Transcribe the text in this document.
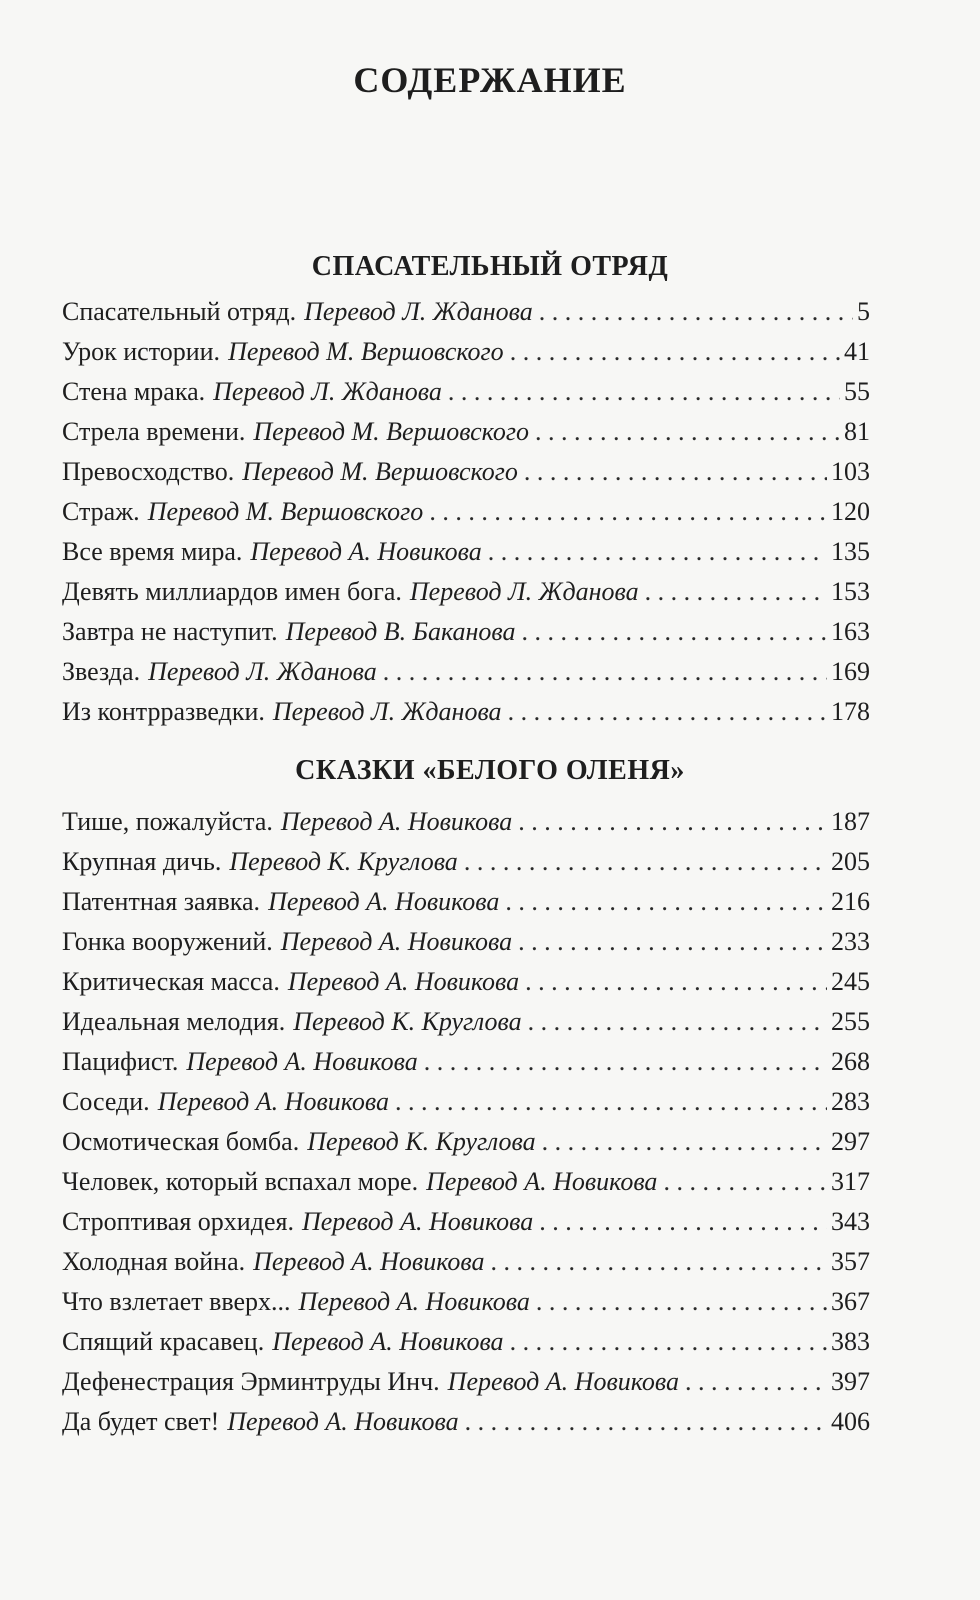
СОДЕРЖАНИЕ
СПАСАТЕЛЬНЫЙ ОТРЯД
Спасательный отряд. Перевод Л. Жданова . . .	5
Урок истории. Перевод М. Вершовского . . .	41
Стена мрака. Перевод Л. Жданова . . .	55
Стрела времени. Перевод М. Вершовского . . .	81
Превосходство. Перевод М. Вершовского . . .	103
Страж. Перевод М. Вершовского . . .	120
Все время мира. Перевод А. Новикова . . .	135
Девять миллиардов имен бога. Перевод Л. Жданова . . .	153
Завтра не наступит. Перевод В. Баканова . . .	163
Звезда. Перевод Л. Жданова . . .	169
Из контрразведки. Перевод Л. Жданова . . .	178
СКАЗКИ «БЕЛОГО ОЛЕНЯ»
Тише, пожалуйста. Перевод А. Новикова . . .	187
Крупная дичь. Перевод К. Круглова . . .	205
Патентная заявка. Перевод А. Новикова . . .	216
Гонка вооружений. Перевод А. Новикова . . .	233
Критическая масса. Перевод А. Новикова . . .	245
Идеальная мелодия. Перевод К. Круглова . . .	255
Пацифист. Перевод А. Новикова . . .	268
Соседи. Перевод А. Новикова . . .	283
Осмотическая бомба. Перевод К. Круглова . . .	297
Человек, который вспахал море. Перевод А. Новикова . . .	317
Строптивая орхидея. Перевод А. Новикова . . .	343
Холодная война. Перевод А. Новикова . . .	357
Что взлетает вверх... Перевод А. Новикова . . .	367
Спящий красавец. Перевод А. Новикова . . .	383
Дефенестрация Эрминтруды Инч. Перевод А. Новикова . . .	397
Да будет свет! Перевод А. Новикова . . .	406
